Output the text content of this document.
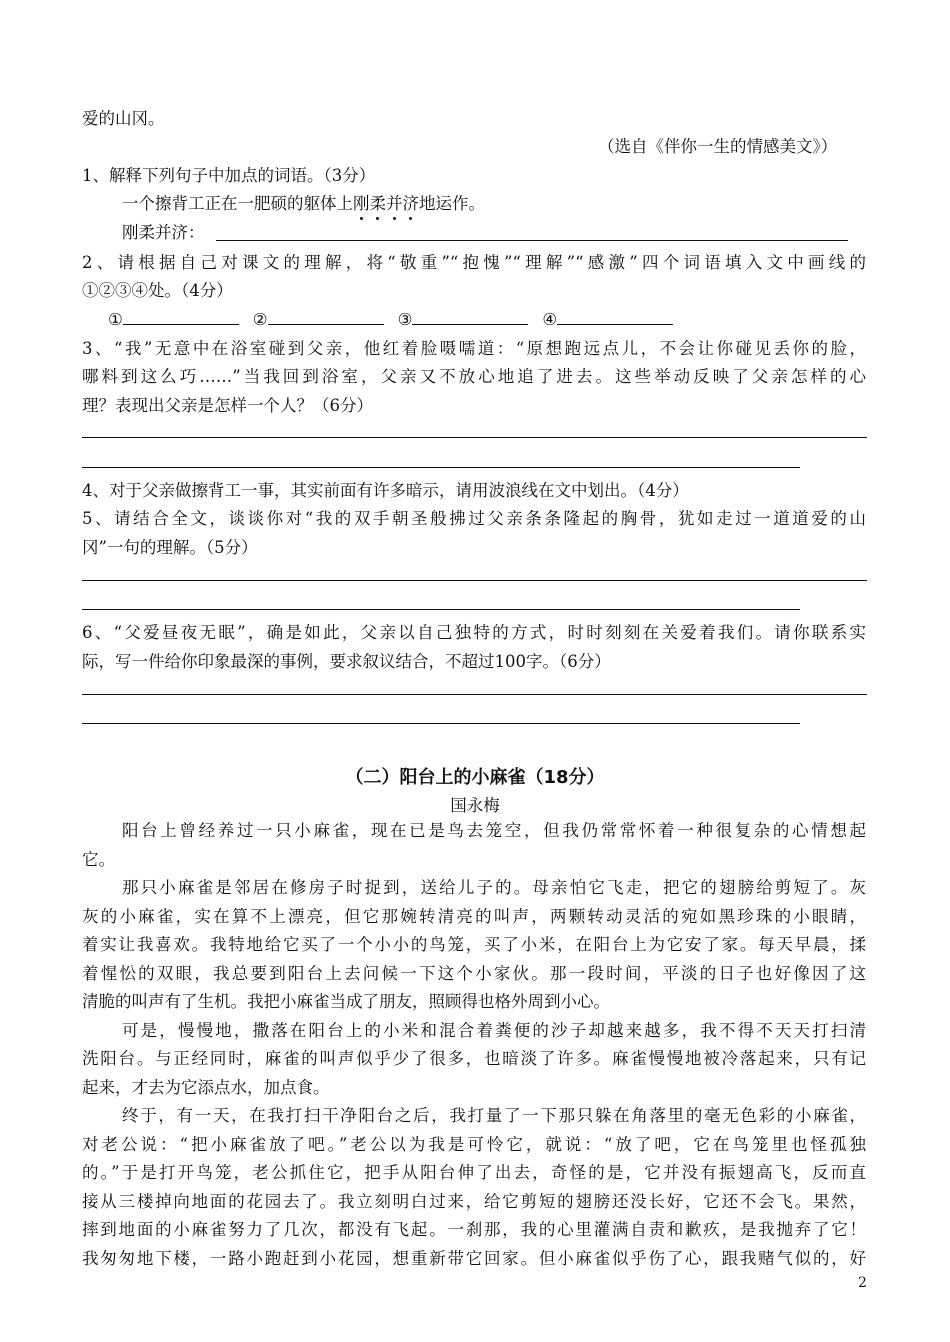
爱的山冈。
（选自《伴你一生的情感美文》）
1、解释下列句子中加点的词语。（3分）
一个擦背工正在一肥硕的躯体上刚
柔
并
济
地运作。
刚柔并济：
2、请根据自己对课文的理解，将“敬重”“抱愧”“理解”“感激”四个词语填入文中画线的
①②③④处。（4分）
①	②	③	④
3、“我”无意中在浴室碰到父亲，他红着脸嗫嚅道：“原想跑远点儿，不会让你碰见丢你的脸，
哪料到这么巧……”当我回到浴室，父亲又不放心地追了进去。这些举动反映了父亲怎样的心
理？表现出父亲是怎样一个人？（6分）
4、对于父亲做擦背工一事，其实前面有许多暗示，请用波浪线在文中划出。（4分）
5、请结合全文，谈谈你对“我的双手朝圣般拂过父亲条条隆起的胸骨，犹如走过一道道爱的山
冈”一句的理解。（5分）
6、“父爱昼夜无眠”，确是如此，父亲以自己独特的方式，时时刻刻在关爱着我们。请你联系实
际，写一件给你印象最深的事例，要求叙议结合，不超过100字。（6分）
（二）阳台上的小麻雀（18分）
国永梅
阳台上曾经养过一只小麻雀，现在已是鸟去笼空，但我仍常常怀着一种很复杂的心情想起
它。
那只小麻雀是邻居在修房子时捉到，送给儿子的。母亲怕它飞走，把它的翅膀给剪短了。灰
灰的小麻雀，实在算不上漂亮，但它那婉转清亮的叫声，两颗转动灵活的宛如黑珍珠的小眼睛，
着实让我喜欢。我特地给它买了一个小小的鸟笼，买了小米，在阳台上为它安了家。每天早晨，揉
着惺忪的双眼，我总要到阳台上去问候一下这个小家伙。那一段时间，平淡的日子也好像因了这
清脆的叫声有了生机。我把小麻雀当成了朋友，照顾得也格外周到小心。
可是，慢慢地，撒落在阳台上的小米和混合着粪便的沙子却越来越多，我不得不天天打扫清
洗阳台。与正经同时，麻雀的叫声似乎少了很多，也暗淡了许多。麻雀慢慢地被冷落起来，只有记
起来，才去为它添点水，加点食。
终于，有一天，在我打扫干净阳台之后，我打量了一下那只躲在角落里的毫无色彩的小麻雀，
对老公说：“把小麻雀放了吧。”老公以为我是可怜它，就说：“放了吧，它在鸟笼里也怪孤独
的。”于是打开鸟笼，老公抓住它，把手从阳台伸了出去，奇怪的是，它并没有振翅高飞，反而直
接从三楼掉向地面的花园去了。我立刻明白过来，给它剪短的翅膀还没长好，它还不会飞。果然，
摔到地面的小麻雀努力了几次，都没有飞起。一刹那，我的心里灌满自责和歉疚，是我抛弃了它！
我匆匆地下楼，一路小跑赶到小花园，想重新带它回家。但小麻雀似乎伤了心，跟我赌气似的，好
2
